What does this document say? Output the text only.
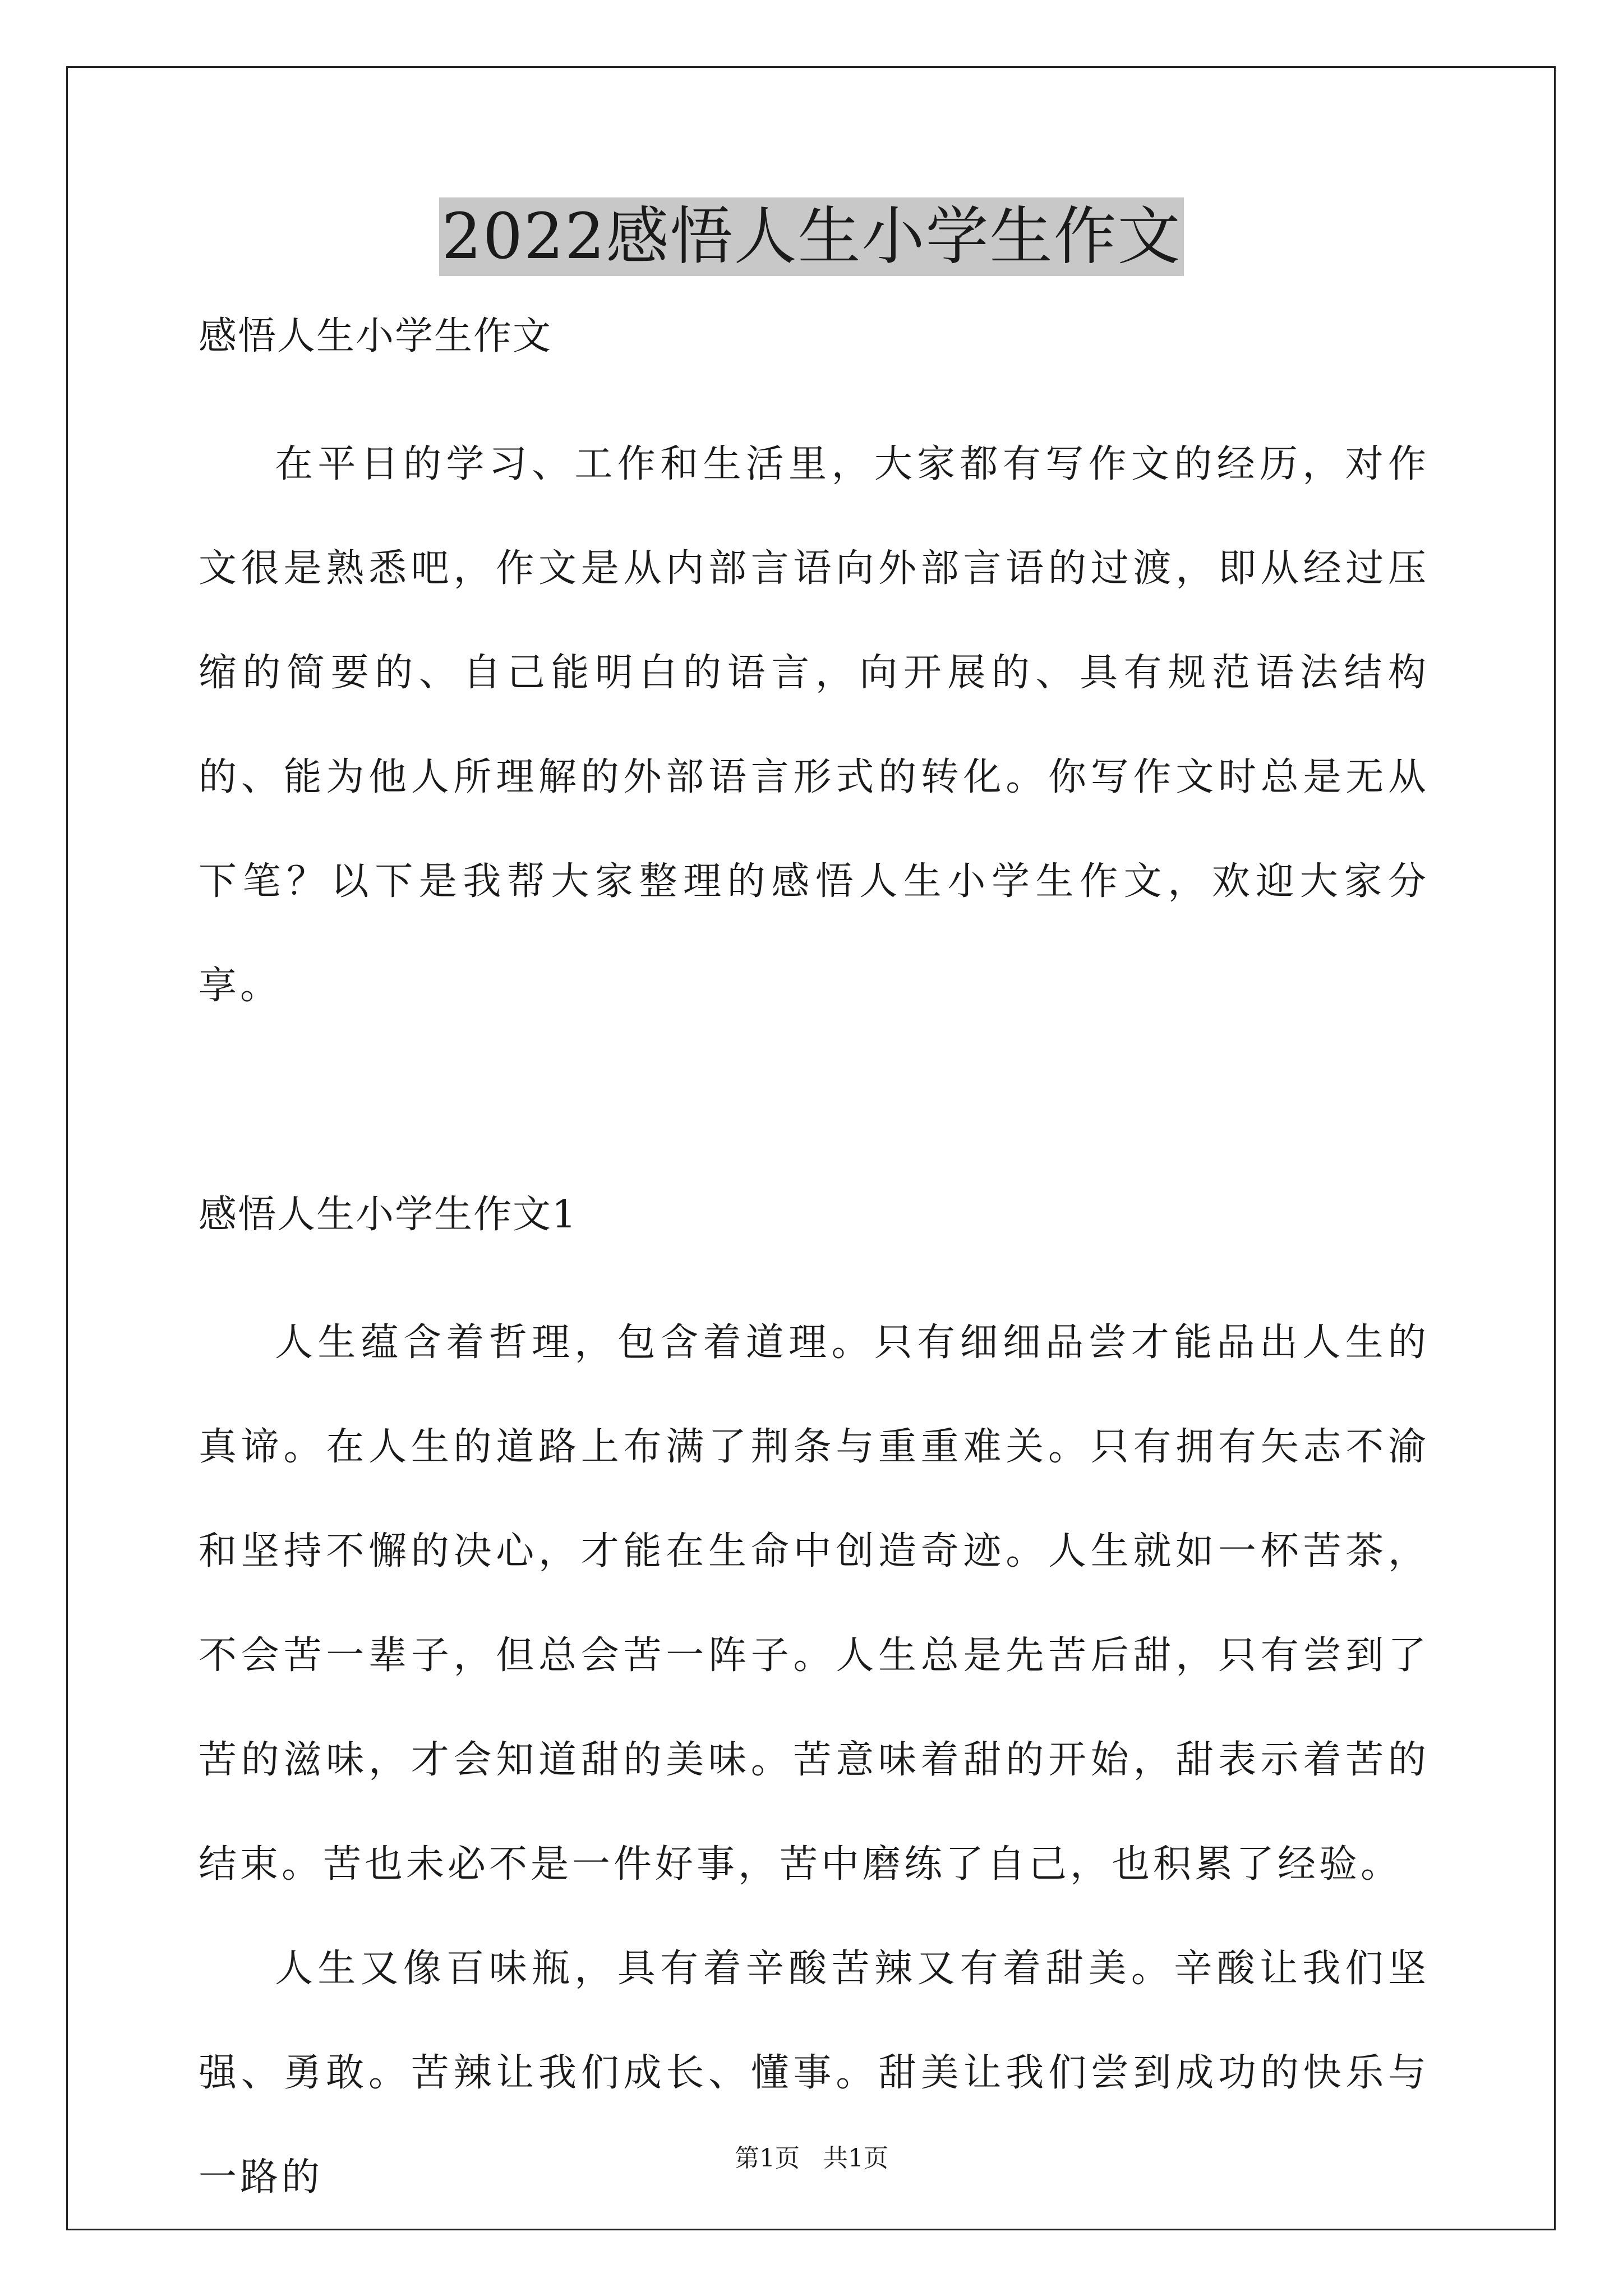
2022感悟人生小学生作文

感悟人生小学生作文

在平日的学习、工作和生活里，大家都有写作文的经历，对作文很是熟悉吧，作文是从内部言语向外部言语的过渡，即从经过压缩的简要的、自己能明白的语言，向开展的、具有规范语法结构的、能为他人所理解的外部语言形式的转化。你写作文时总是无从下笔？以下是我帮大家整理的感悟人生小学生作文，欢迎大家分享。

感悟人生小学生作文1

人生蕴含着哲理，包含着道理。只有细细品尝才能品出人生的真谛。在人生的道路上布满了荆条与重重难关。只有拥有矢志不渝和坚持不懈的决心，才能在生命中创造奇迹。人生就如一杯苦茶，不会苦一辈子，但总会苦一阵子。人生总是先苦后甜，只有尝到了苦的滋味，才会知道甜的美味。苦意味着甜的开始，甜表示着苦的结束。苦也未必不是一件好事，苦中磨练了自己，也积累了经验。

人生又像百味瓶，具有着辛酸苦辣又有着甜美。辛酸让我们坚强、勇敢。苦辣让我们成长、懂事。甜美让我们尝到成功的快乐与一路的	第1页 共1页
